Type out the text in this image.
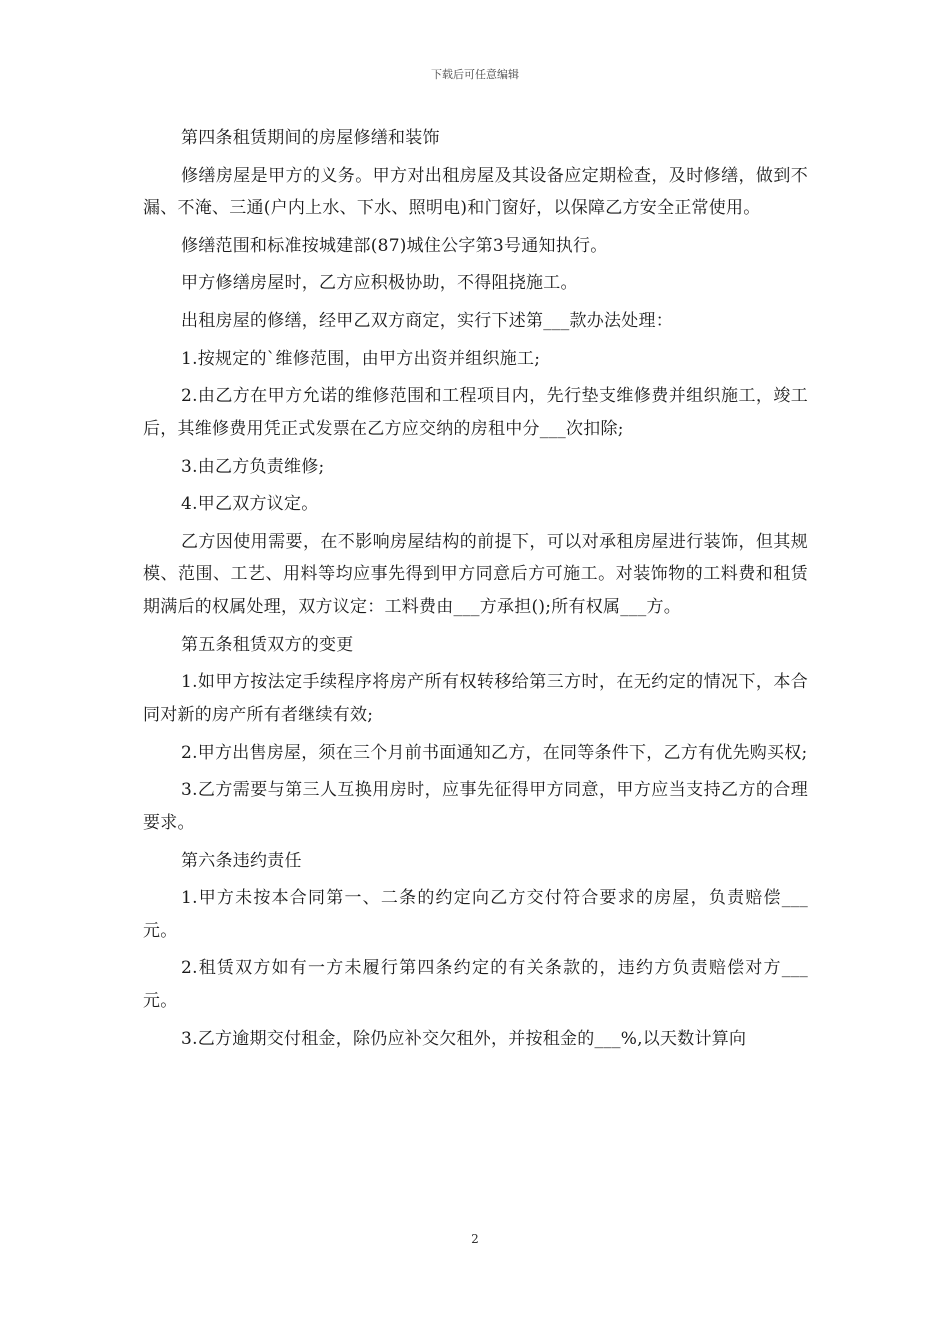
下载后可任意编辑

第四条租赁期间的房屋修缮和装饰

修缮房屋是甲方的义务。甲方对出租房屋及其设备应定期检查，及时修缮，做到不漏、不淹、三通(户内上水、下水、照明电)和门窗好，以保障乙方安全正常使用。

修缮范围和标准按城建部(87)城住公字第3号通知执行。

甲方修缮房屋时，乙方应积极协助，不得阻挠施工。

出租房屋的修缮，经甲乙双方商定，实行下述第___款办法处理：

1.按规定的`维修范围，由甲方出资并组织施工;

2.由乙方在甲方允诺的维修范围和工程项目内，先行垫支维修费并组织施工，竣工后，其维修费用凭正式发票在乙方应交纳的房租中分___次扣除;

3.由乙方负责维修;

4.甲乙双方议定。

乙方因使用需要，在不影响房屋结构的前提下，可以对承租房屋进行装饰，但其规模、范围、工艺、用料等均应事先得到甲方同意后方可施工。对装饰物的工料费和租赁期满后的权属处理，双方议定：工料费由___方承担();所有权属___方。

第五条租赁双方的变更

1.如甲方按法定手续程序将房产所有权转移给第三方时，在无约定的情况下，本合同对新的房产所有者继续有效;

2.甲方出售房屋，须在三个月前书面通知乙方，在同等条件下，乙方有优先购买权;

3.乙方需要与第三人互换用房时，应事先征得甲方同意，甲方应当支持乙方的合理要求。

第六条违约责任

1.甲方未按本合同第一、二条的约定向乙方交付符合要求的房屋，负责赔偿___元。

2.租赁双方如有一方未履行第四条约定的有关条款的，违约方负责赔偿对方___元。

3.乙方逾期交付租金，除仍应补交欠租外，并按租金的___%,以天数计算向

2
